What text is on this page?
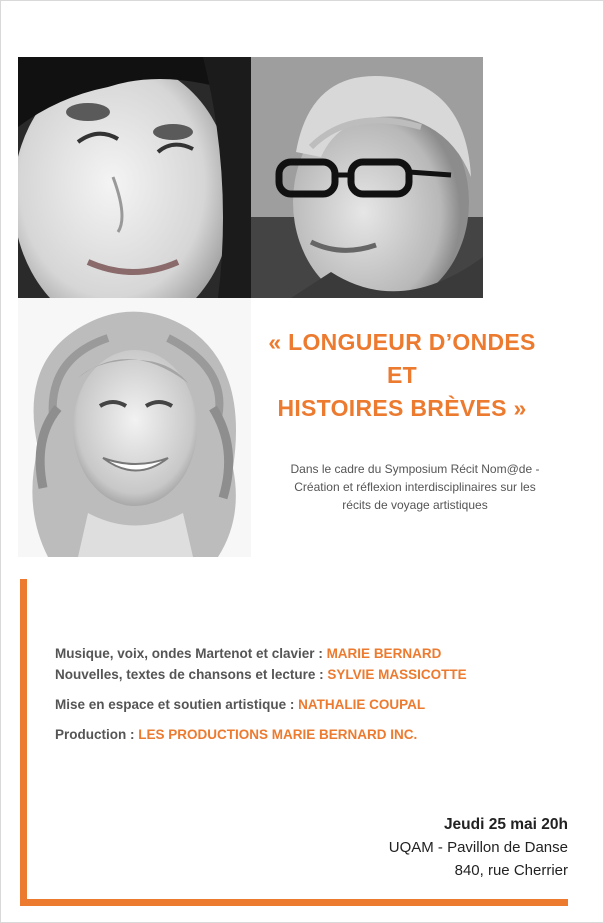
« LONGUEUR D’ONDES
ET
HISTOIRES BRÈVES »
Dans le cadre du Symposium Récit Nom@de -
Création et réflexion interdisciplinaires sur les
récits de voyage artistiques
Musique, voix, ondes Martenot et clavier : MARIE BERNARD
Nouvelles, textes de chansons et lecture : SYLVIE MASSICOTTE
Mise en espace et soutien artistique : NATHALIE COUPAL
Production : LES PRODUCTIONS MARIE BERNARD INC.
Jeudi 25 mai 20h
UQAM - Pavillon de Danse
840, rue Cherrier
